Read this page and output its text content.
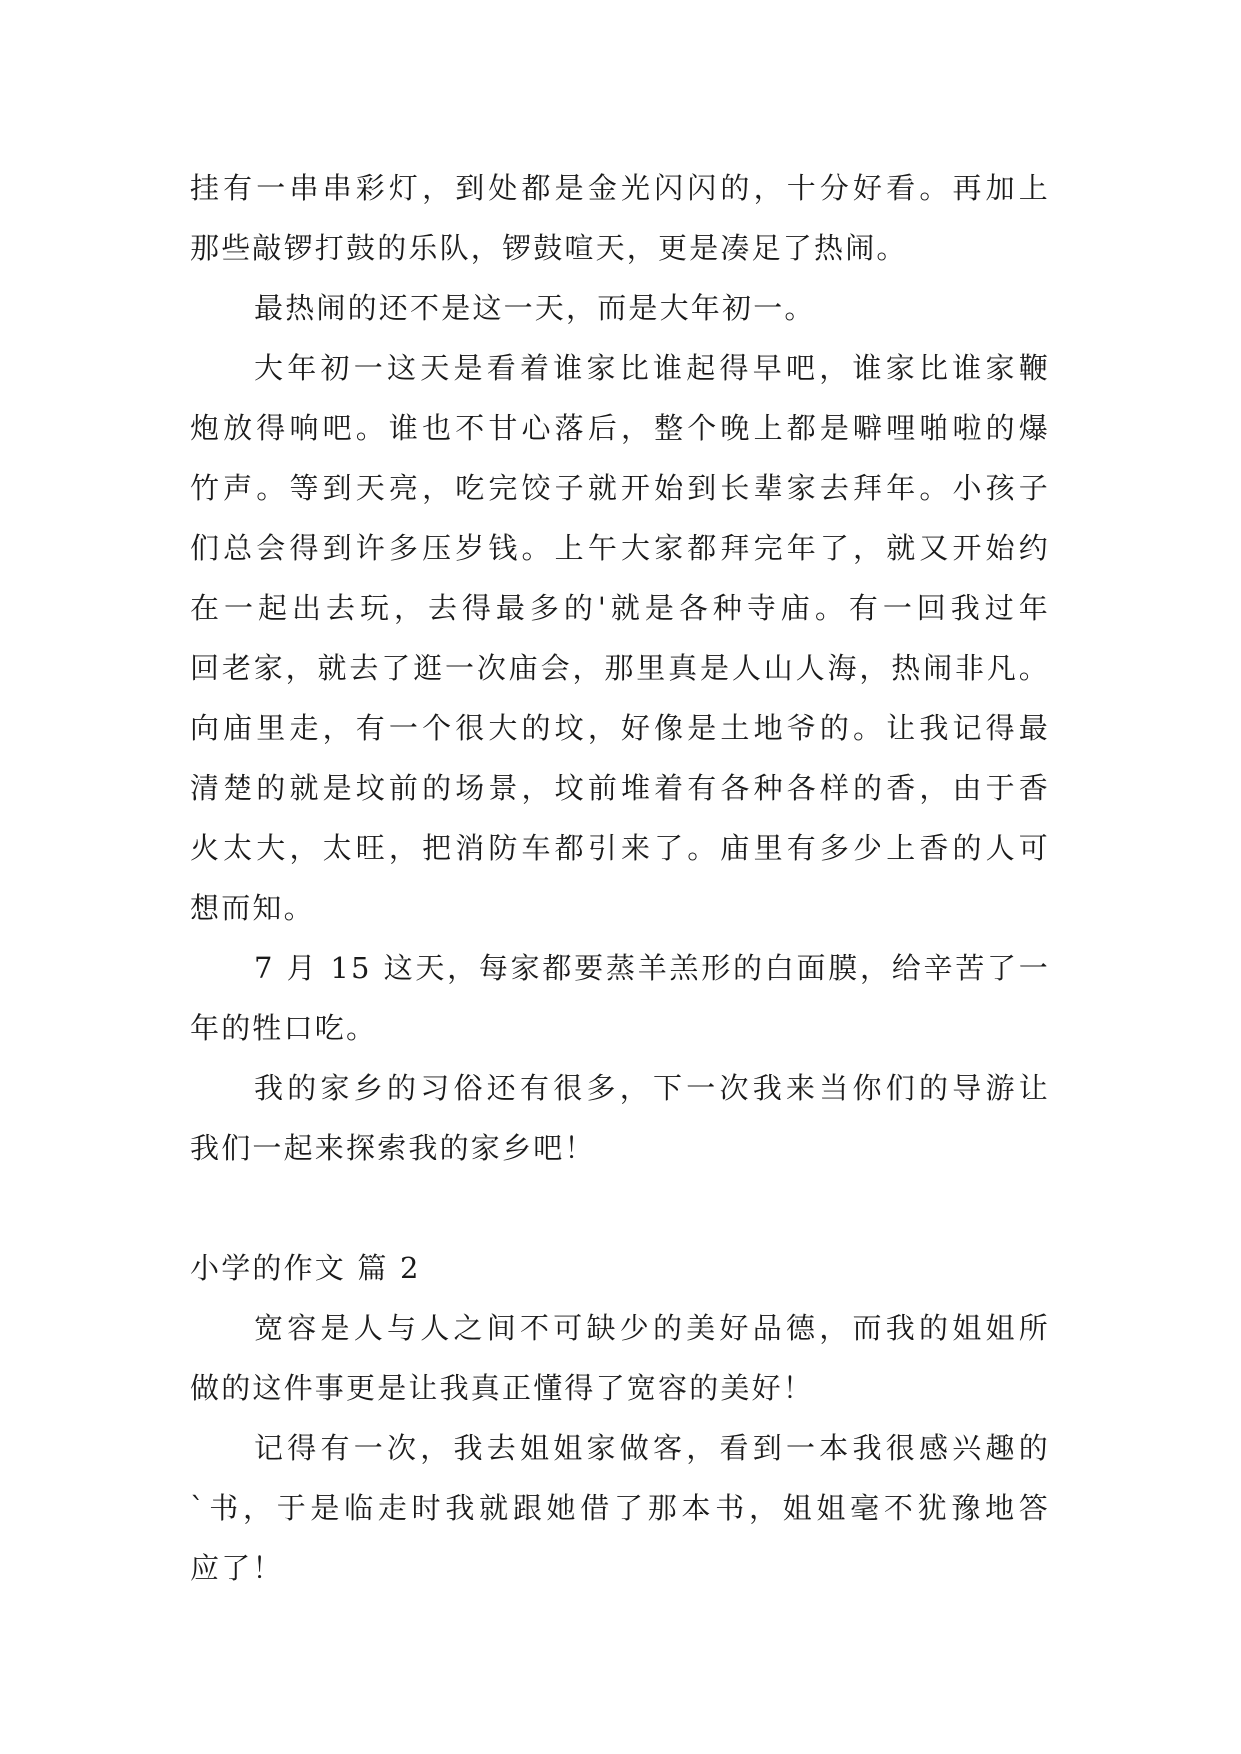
挂有一串串彩灯，到处都是金光闪闪的，十分好看。再加上
那些敲锣打鼓的乐队，锣鼓喧天，更是凑足了热闹。

最热闹的还不是这一天，而是大年初一。

大年初一这天是看着谁家比谁起得早吧，谁家比谁家鞭
炮放得响吧。谁也不甘心落后，整个晚上都是噼哩啪啦的爆
竹声。等到天亮，吃完饺子就开始到长辈家去拜年。小孩子
们总会得到许多压岁钱。上午大家都拜完年了，就又开始约
在一起出去玩，去得最多的'就是各种寺庙。有一回我过年
回老家，就去了逛一次庙会，那里真是人山人海，热闹非凡。
向庙里走，有一个很大的坟，好像是土地爷的。让我记得最
清楚的就是坟前的场景，坟前堆着有各种各样的香，由于香
火太大，太旺，把消防车都引来了。庙里有多少上香的人可
想而知。

7 月 15 这天，每家都要蒸羊羔形的白面膜，给辛苦了一
年的牲口吃。

我的家乡的习俗还有很多，下一次我来当你们的导游让
我们一起来探索我的家乡吧！

小学的作文 篇 2

宽容是人与人之间不可缺少的美好品德，而我的姐姐所
做的这件事更是让我真正懂得了宽容的美好！

记得有一次，我去姐姐家做客，看到一本我很感兴趣的
`书，于是临走时我就跟她借了那本书，姐姐毫不犹豫地答
应了！
